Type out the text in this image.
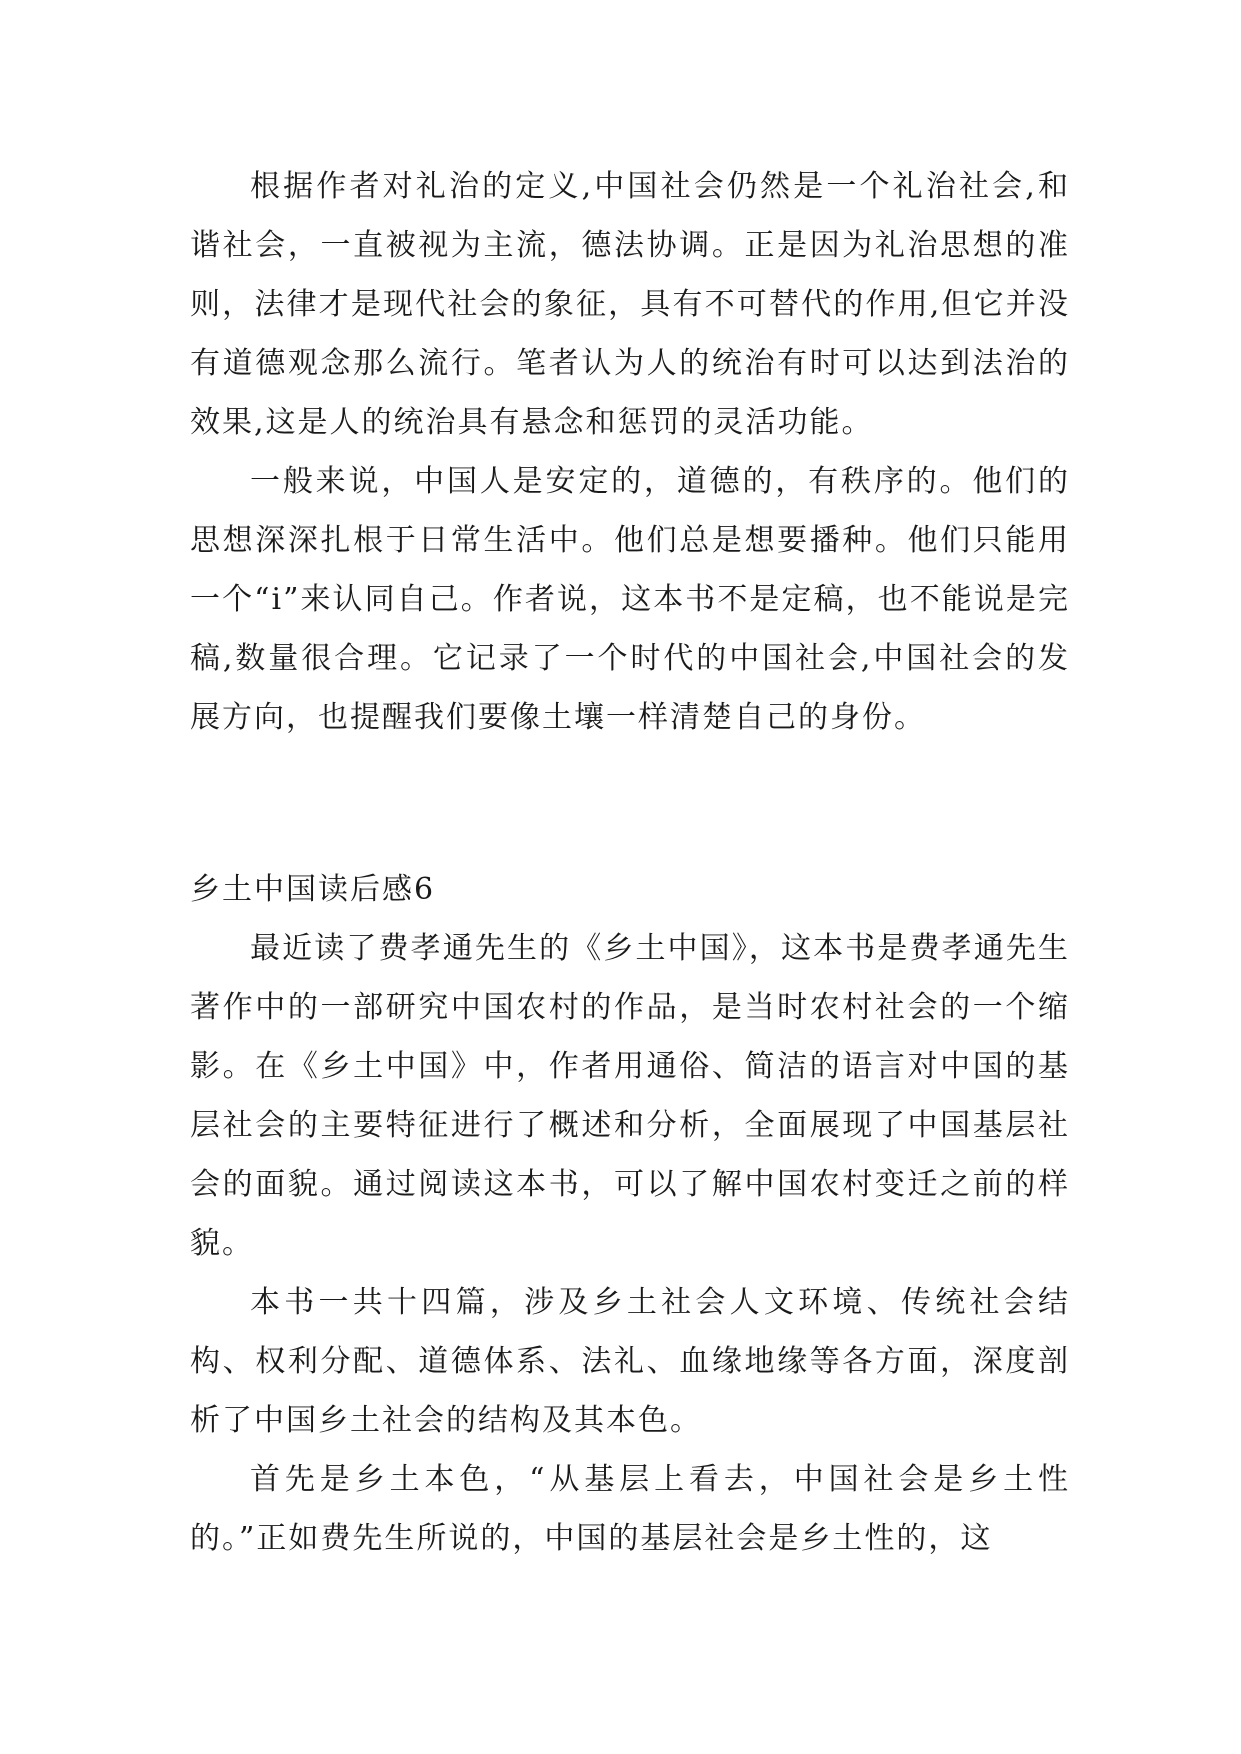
根据作者对礼治的定义,中国社会仍然是一个礼治社会,和谐社会，一直被视为主流，德法协调。正是因为礼治思想的准则，法律才是现代社会的象征，具有不可替代的作用,但它并没有道德观念那么流行。笔者认为人的统治有时可以达到法治的效果,这是人的统治具有悬念和惩罚的灵活功能。

一般来说，中国人是安定的，道德的，有秩序的。他们的思想深深扎根于日常生活中。他们总是想要播种。他们只能用一个“i”来认同自己。作者说，这本书不是定稿，也不能说是完稿,数量很合理。它记录了一个时代的中国社会,中国社会的发展方向，也提醒我们要像土壤一样清楚自己的身份。

乡土中国读后感6

最近读了费孝通先生的《乡土中国》，这本书是费孝通先生著作中的一部研究中国农村的作品，是当时农村社会的一个缩影。在《乡土中国》中，作者用通俗、简洁的语言对中国的基层社会的主要特征进行了概述和分析，全面展现了中国基层社会的面貌。通过阅读这本书，可以了解中国农村变迁之前的样貌。

本书一共十四篇，涉及乡土社会人文环境、传统社会结构、权利分配、道德体系、法礼、血缘地缘等各方面，深度剖析了中国乡土社会的结构及其本色。

首先是乡土本色，“从基层上看去，中国社会是乡土性的。”正如费先生所说的，中国的基层社会是乡土性的，这
